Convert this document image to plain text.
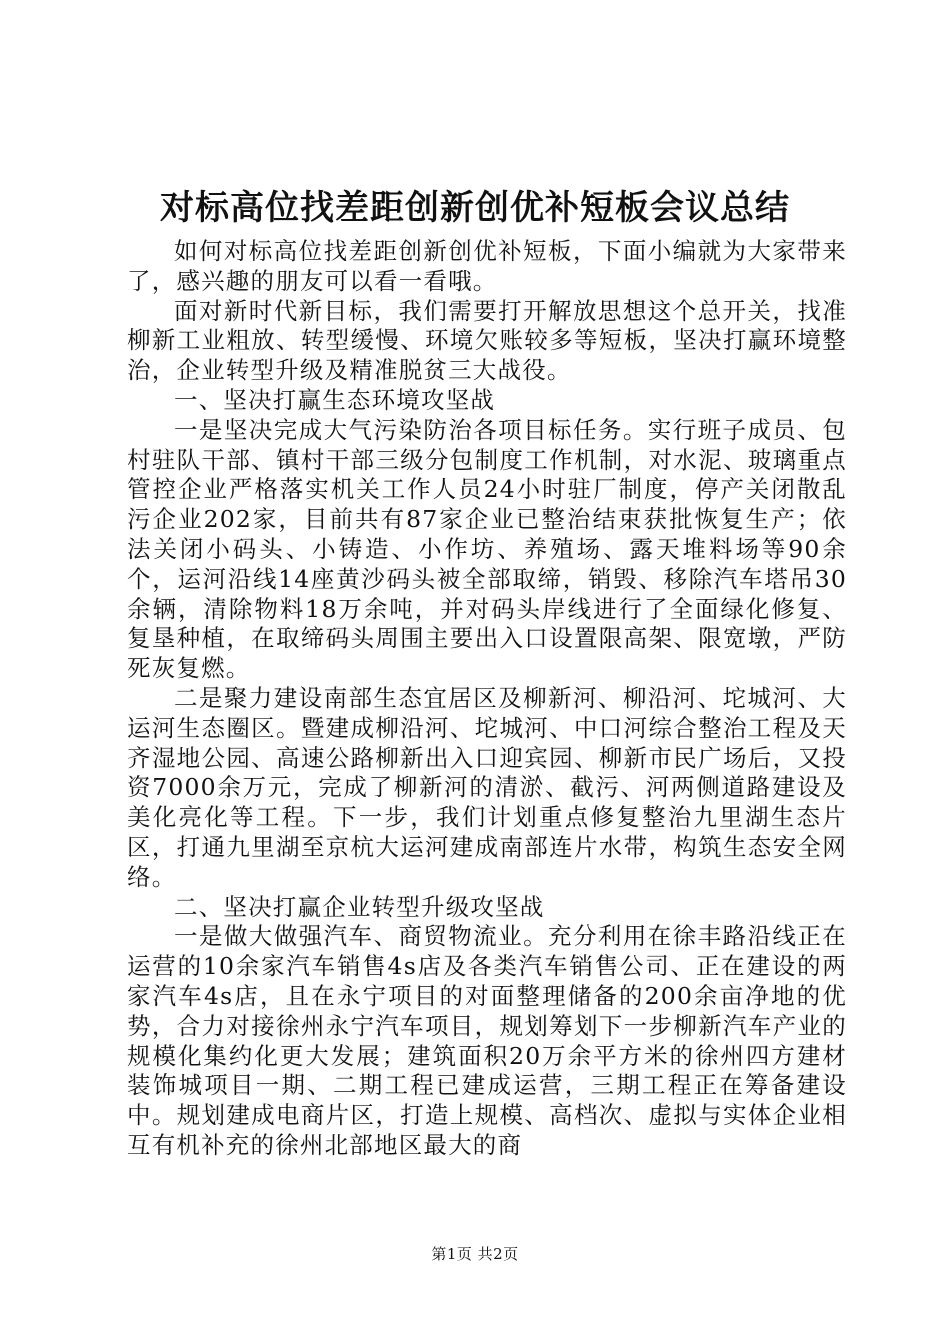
对标高位找差距创新创优补短板会议总结

如何对标高位找差距创新创优补短板，下面小编就为大家带来了，感兴趣的朋友可以看一看哦。

面对新时代新目标，我们需要打开解放思想这个总开关，找准柳新工业粗放、转型缓慢、环境欠账较多等短板，坚决打赢环境整治，企业转型升级及精准脱贫三大战役。

一、坚决打赢生态环境攻坚战

一是坚决完成大气污染防治各项目标任务。实行班子成员、包村驻队干部、镇村干部三级分包制度工作机制，对水泥、玻璃重点管控企业严格落实机关工作人员24小时驻厂制度，停产关闭散乱污企业202家，目前共有87家企业已整治结束获批恢复生产；依法关闭小码头、小铸造、小作坊、养殖场、露天堆料场等90余个，运河沿线14座黄沙码头被全部取缔，销毁、移除汽车塔吊30余辆，清除物料18万余吨，并对码头岸线进行了全面绿化修复、复垦种植，在取缔码头周围主要出入口设置限高架、限宽墩，严防死灰复燃。

二是聚力建设南部生态宜居区及柳新河、柳沿河、坨城河、大运河生态圈区。暨建成柳沿河、坨城河、中口河综合整治工程及天齐湿地公园、高速公路柳新出入口迎宾园、柳新市民广场后，又投资7000余万元，完成了柳新河的清淤、截污、河两侧道路建设及美化亮化等工程。下一步，我们计划重点修复整治九里湖生态片区，打通九里湖至京杭大运河建成南部连片水带，构筑生态安全网络。

二、坚决打赢企业转型升级攻坚战

一是做大做强汽车、商贸物流业。充分利用在徐丰路沿线正在运营的10余家汽车销售4s店及各类汽车销售公司、正在建设的两家汽车4s店，且在永宁项目的对面整理储备的200余亩净地的优势，合力对接徐州永宁汽车项目，规划筹划下一步柳新汽车产业的规模化集约化更大发展；建筑面积20万余平方米的徐州四方建材装饰城项目一期、二期工程已建成运营，三期工程正在筹备建设中。规划建成电商片区，打造上规模、高档次、虚拟与实体企业相互有机补充的徐州北部地区最大的商

第1页 共2页
